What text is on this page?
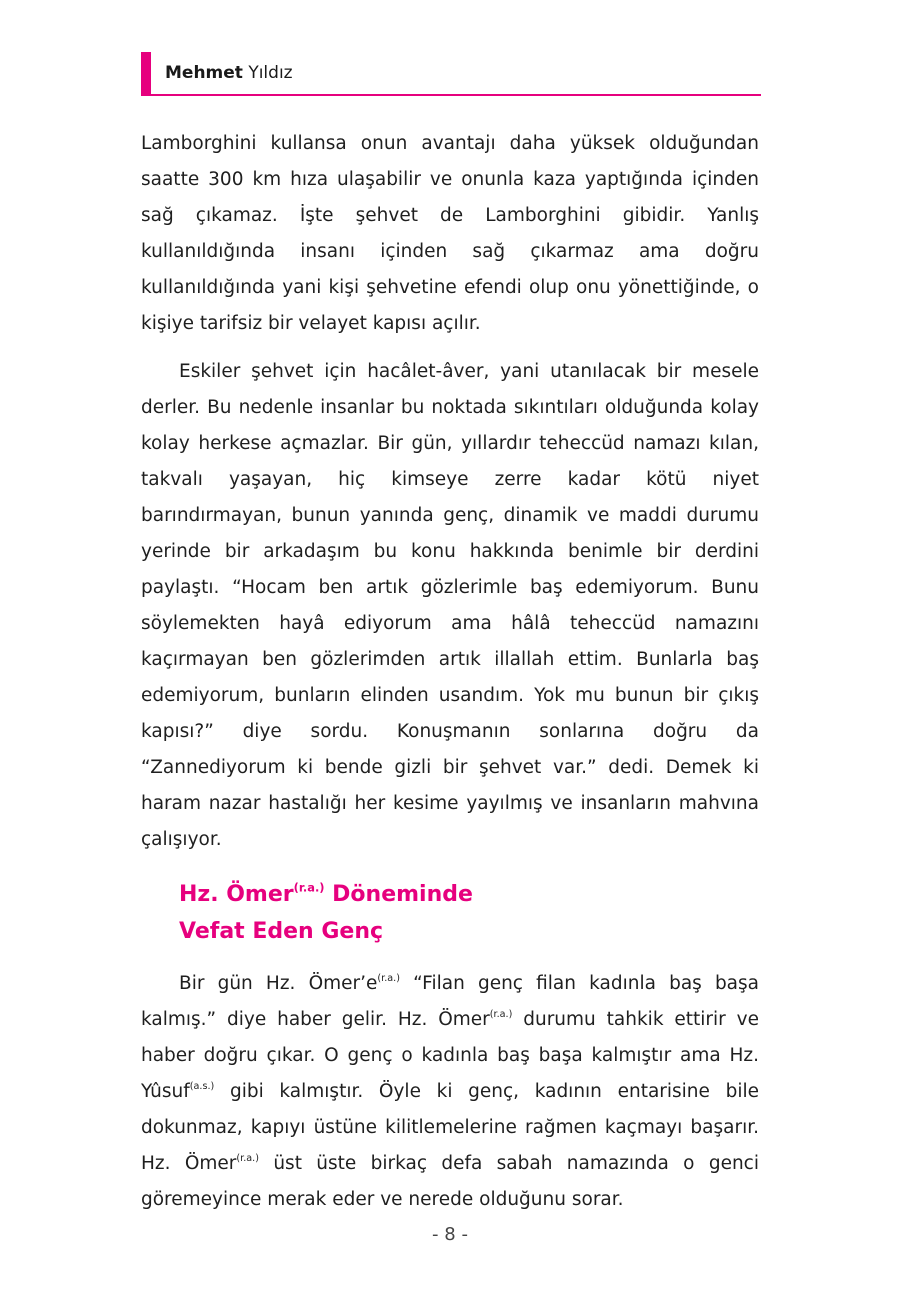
Mehmet Yıldız

Lamborghini kullansa onun avantajı daha yüksek olduğundan saatte 300 km hıza ulaşabilir ve onunla kaza yaptığında içinden sağ çıkamaz. İşte şehvet de Lamborghini gibidir. Yanlış kullanıldığında insanı içinden sağ çıkarmaz ama doğru kullanıldığında yani kişi şehvetine efendi olup onu yönettiğinde, o kişiye tarifsiz bir velayet kapısı açılır.

Eskiler şehvet için hacâlet-âver, yani utanılacak bir mesele derler. Bu nedenle insanlar bu noktada sıkıntıları olduğunda kolay kolay herkese açmazlar. Bir gün, yıllardır teheccüd namazı kılan, takvalı yaşayan, hiç kimseye zerre kadar kötü niyet barındırmayan, bunun yanında genç, dinamik ve maddi durumu yerinde bir arkadaşım bu konu hakkında benimle bir derdini paylaştı. “Hocam ben artık gözlerimle baş edemiyorum. Bunu söylemekten hayâ ediyorum ama hâlâ teheccüd namazını kaçırmayan ben gözlerimden artık illallah ettim. Bunlarla baş edemiyorum, bunların elinden usandım. Yok mu bunun bir çıkış kapısı?” diye sordu. Konuşmanın sonlarına doğru da “Zannediyorum ki bende gizli bir şehvet var.” dedi. Demek ki haram nazar hastalığı her kesime yayılmış ve insanların mahvına çalışıyor.

Hz. Ömer$^{(r.a.)}$ Döneminde
Vefat Eden Genç

Bir gün Hz. $Ömer’e^{(r.a.)}$ “Filan genç filan kadınla baş başa kalmış.” diye haber gelir. Hz. Ömer$^{(r.a.)}$ durumu tahkik ettirir ve haber doğru çıkar. O genç o kadınla baş başa kalmıştır ama Hz. Yûsuf$^{(a.s.)}$ gibi kalmıştır. Öyle ki genç, kadının entarisine bile dokunmaz, kapıyı üstüne kilitlemelerine rağmen kaçmayı başarır. Hz. Ömer$^{(r.a.)}$ üst üste birkaç defa sabah namazında o genci göremeyince merak eder ve nerede olduğunu sorar.

- 8 -
